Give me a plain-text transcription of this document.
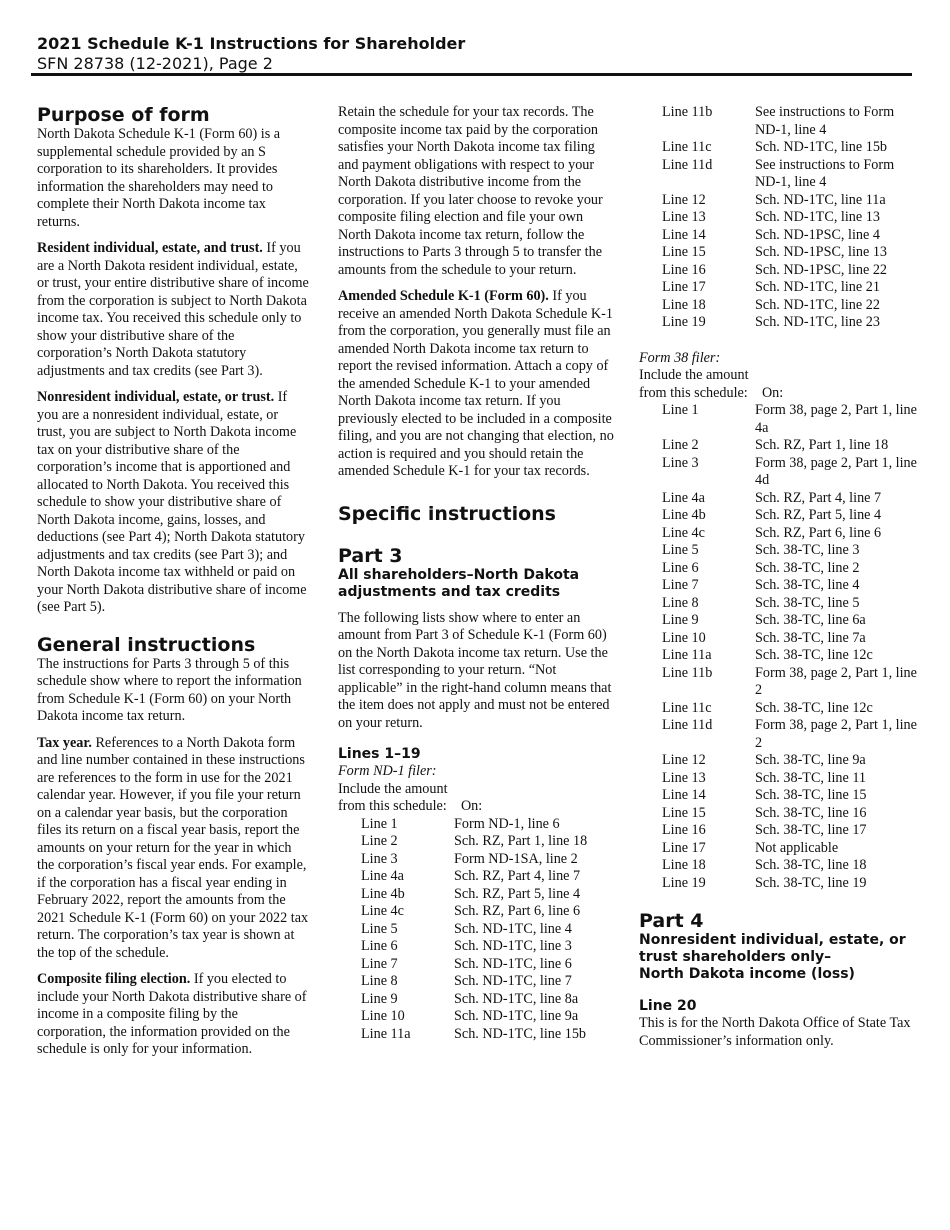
2021 Schedule K-1 Instructions for Shareholder
SFN 28738 (12-2021), Page 2
Purpose of form

North Dakota Schedule K-1 (Form 60) is a supplemental schedule provided by an S corporation to its shareholders. It provides information the shareholders may need to complete their North Dakota income tax returns.

Resident individual, estate, and trust. If you are a North Dakota resident individual, estate, or trust, your entire distributive share of income from the corporation is subject to North Dakota income tax. You received this schedule only to show your distributive share of the corporation’s North Dakota statutory adjustments and tax credits (see Part 3).

Nonresident individual, estate, or trust. If you are a nonresident individual, estate, or trust, you are subject to North Dakota income tax on your distributive share of the corporation’s income that is apportioned and allocated to North Dakota. You received this schedule to show your distributive share of North Dakota income, gains, losses, and deductions (see Part 4); North Dakota statutory adjustments and tax credits (see Part 3); and North Dakota income tax withheld or paid on your North Dakota distributive share of income (see Part 5).

General instructions

The instructions for Parts 3 through 5 of this schedule show where to report the information from Schedule K-1 (Form 60) on your North Dakota income tax return.

Tax year. References to a North Dakota form and line number contained in these instructions are references to the form in use for the 2021 calendar year. However, if you file your return on a calendar year basis, but the corporation files its return on a fiscal year basis, report the amounts on your return for the year in which the corporation’s fiscal year ends. For example, if the corporation has a fiscal year ending in February 2022, report the amounts from the 2021 Schedule K-1 (Form 60) on your 2022 tax return. The corporation’s tax year is shown at the top of the schedule.

Composite filing election. If you elected to include your North Dakota distributive share of income in a composite filing by the corporation, the information provided on the schedule is only for your information.

Retain the schedule for your tax records. The composite income tax paid by the corporation satisfies your North Dakota income tax filing and payment obligations with respect to your North Dakota distributive income from the corporation. If you later choose to revoke your composite filing election and file your own North Dakota income tax return, follow the instructions to Parts 3 through 5 to transfer the amounts from the schedule to your return.

Amended Schedule K-1 (Form 60). If you receive an amended North Dakota Schedule K-1 from the corporation, you generally must file an amended North Dakota income tax return to report the revised information. Attach a copy of the amended Schedule K-1 to your amended North Dakota income tax return. If you previously elected to be included in a composite filing, and you are not changing that election, no action is required and you should retain the amended Schedule K-1 for your tax records.

Specific instructions
Part 3
All shareholders–North Dakota
adjustments and tax credits

The following lists show where to enter an amount from Part 3 of Schedule K-1 (Form 60) on the North Dakota income tax return. Use the list corresponding to your return. “Not applicable” in the right-hand column means that the item does not apply and must not be entered on your return.

Lines 1–19
Form ND-1 filer:
Include the amount
from this schedule: On:
Line 1	Form ND-1, line 6
Line 2	Sch. RZ, Part 1, line 18
Line 3	Form ND-1SA, line 2
Line 4a	Sch. RZ, Part 4, line 7
Line 4b	Sch. RZ, Part 5, line 4
Line 4c	Sch. RZ, Part 6, line 6
Line 5	Sch. ND-1TC, line 4
Line 6	Sch. ND-1TC, line 3
Line 7	Sch. ND-1TC, line 6
Line 8	Sch. ND-1TC, line 7
Line 9	Sch. ND-1TC, line 8a
Line 10	Sch. ND-1TC, line 9a
Line 11a	Sch. ND-1TC, line 15b
Line 11b	See instructions to Form ND-1, line 4
Line 11c	Sch. ND-1TC, line 15b
Line 11d	See instructions to Form ND-1, line 4
Line 12	Sch. ND-1TC, line 11a
Line 13	Sch. ND-1TC, line 13
Line 14	Sch. ND-1PSC, line 4
Line 15	Sch. ND-1PSC, line 13
Line 16	Sch. ND-1PSC, line 22
Line 17	Sch. ND-1TC, line 21
Line 18	Sch. ND-1TC, line 22
Line 19	Sch. ND-1TC, line 23
Form 38 filer:
Include the amount
from this schedule: On:
Line 1	Form 38, page 2, Part 1, line 4a
Line 2	Sch. RZ, Part 1, line 18
Line 3	Form 38, page 2, Part 1, line 4d
Line 4a	Sch. RZ, Part 4, line 7
Line 4b	Sch. RZ, Part 5, line 4
Line 4c	Sch. RZ, Part 6, line 6
Line 5	Sch. 38-TC, line 3
Line 6	Sch. 38-TC, line 2
Line 7	Sch. 38-TC, line 4
Line 8	Sch. 38-TC, line 5
Line 9	Sch. 38-TC, line 6a
Line 10	Sch. 38-TC, line 7a
Line 11a	Sch. 38-TC, line 12c
Line 11b	Form 38, page 2, Part 1, line 2
Line 11c	Sch. 38-TC, line 12c
Line 11d	Form 38, page 2, Part 1, line 2
Line 12	Sch. 38-TC, line 9a
Line 13	Sch. 38-TC, line 11
Line 14	Sch. 38-TC, line 15
Line 15	Sch. 38-TC, line 16
Line 16	Sch. 38-TC, line 17
Line 17	Not applicable
Line 18	Sch. 38-TC, line 18
Line 19	Sch. 38-TC, line 19
Part 4
Nonresident individual, estate, or
trust shareholders only–
North Dakota income (loss)
Line 20

This is for the North Dakota Office of State Tax Commissioner’s information only.
